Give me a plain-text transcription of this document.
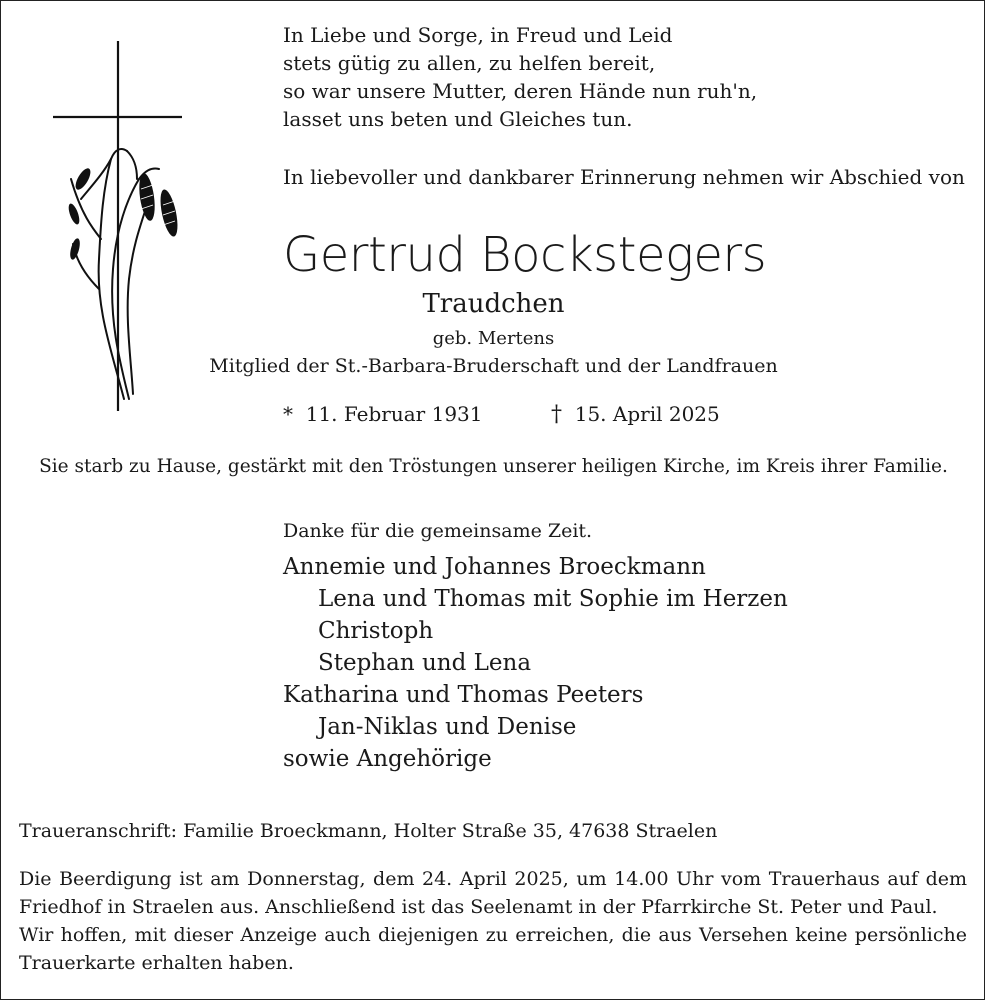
In Liebe und Sorge, in Freud und Leid
stets gütig zu allen, zu helfen bereit,
so war unsere Mutter, deren Hände nun ruh'n,
lasset uns beten und Gleiches tun.
In liebevoller und dankbarer Erinnerung nehmen wir Abschied von
Gertrud Bockstegers
Traudchen
geb. Mertens
Mitglied der St.-Barbara-Bruderschaft und der Landfrauen
* 11. Februar 1931	† 15. April 2025
Sie starb zu Hause, gestärkt mit den Tröstungen unserer heiligen Kirche, im Kreis ihrer Familie.
Danke für die gemeinsame Zeit.
Annemie und Johannes Broeckmann
Lena und Thomas mit Sophie im Herzen
Christoph
Stephan und Lena
Katharina und Thomas Peeters
Jan-Niklas und Denise
sowie Angehörige
Traueranschrift: Familie Broeckmann, Holter Straße 35, 47638 Straelen

Die Beerdigung ist am Donnerstag, dem 24. April 2025, um 14.00 Uhr vom Trauerhaus auf dem Friedhof in Straelen aus. Anschließend ist das Seelenamt in der Pfarrkirche St. Peter und Paul.

Wir hoffen, mit dieser Anzeige auch diejenigen zu erreichen, die aus Versehen keine persönliche Trauerkarte erhalten haben.
